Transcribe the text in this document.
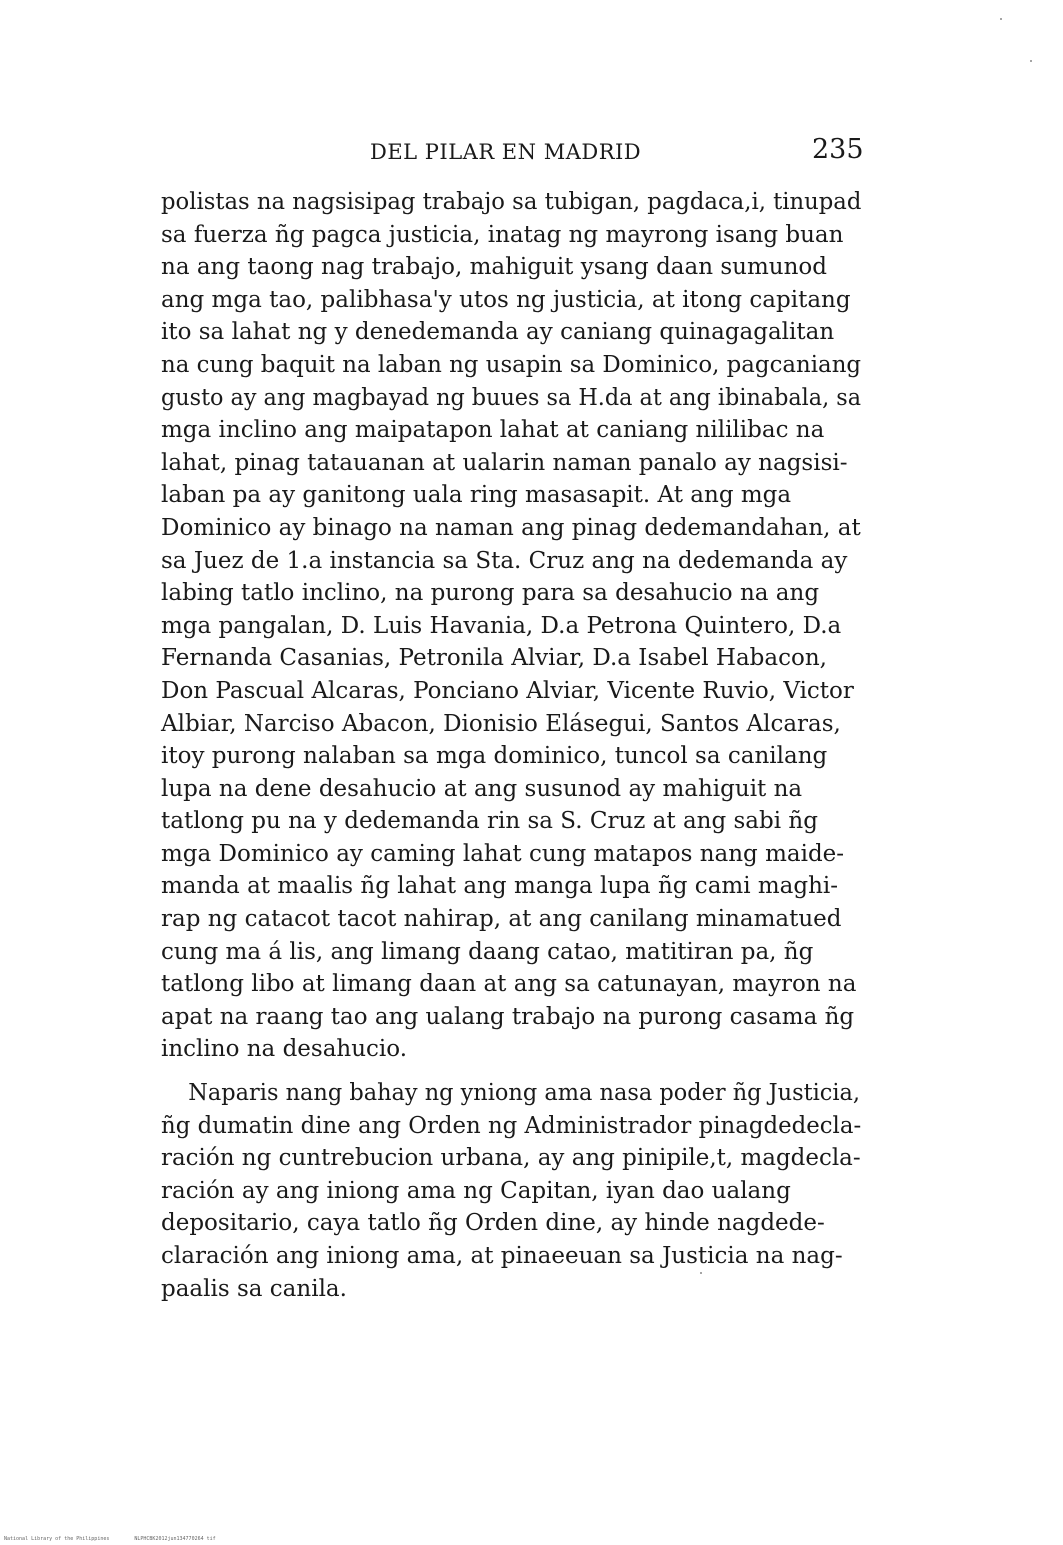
DEL PILAR EN MADRID	235
polistas na nagsisipag trabajo sa tubigan, pagdaca,i, tinupad
sa fuerza ñg pagca justicia, inatag ng mayrong isang buan
na ang taong nag trabajo, mahiguit ysang daan sumunod
ang mga tao, palibhasa'y utos ng justicia, at itong capitang
ito sa lahat ng y denedemanda ay caniang quinagagalitan
na cung baquit na laban ng usapin sa Dominico, pagcaniang
gusto ay ang magbayad ng buues sa H.da at ang ibinabala, sa
mga inclino ang maipatapon lahat at caniang nililibac na
lahat, pinag tatauanan at ualarin naman panalo ay nagsisi-
laban pa ay ganitong uala ring masasapit. At ang mga
Dominico ay binago na naman ang pinag dedemandahan, at
sa Juez de 1.a instancia sa Sta. Cruz ang na dedemanda ay
labing tatlo inclino, na purong para sa desahucio na ang
mga pangalan, D. Luis Havania, D.a Petrona Quintero, D.a
Fernanda Casanias, Petronila Alviar, D.a Isabel Habacon,
Don Pascual Alcaras, Ponciano Alviar, Vicente Ruvio, Victor
Albiar, Narciso Abacon, Dionisio Elásegui, Santos Alcaras,
itoy purong nalaban sa mga dominico, tuncol sa canilang
lupa na dene desahucio at ang susunod ay mahiguit na
tatlong pu na y dedemanda rin sa S. Cruz at ang sabi ñg
mga Dominico ay caming lahat cung matapos nang maide-
manda at maalis ñg lahat ang manga lupa ñg cami maghi-
rap ng catacot tacot nahirap, at ang canilang minamatued
cung ma á lis, ang limang daang catao, matitiran pa, ñg
tatlong libo at limang daan at ang sa catunayan, mayron na
apat na raang tao ang ualang trabajo na purong casama ñg
inclino na desahucio.
Naparis nang bahay ng yniong ama nasa poder ñg Justicia,
ñg dumatin dine ang Orden ng Administrador pinagdedecla-
ración ng cuntrebucion urbana, ay ang pinipile,t, magdecla-
ración ay ang iniong ama ng Capitan, iyan dao ualang
depositario, caya tatlo ñg Orden dine, ay hinde nagdede-
claración ang iniong ama, at pinaeeuan sa Justicia na nag-
paalis sa canila.
National Library of the Philippines	NLPHCBK2012jun134770264 tif
